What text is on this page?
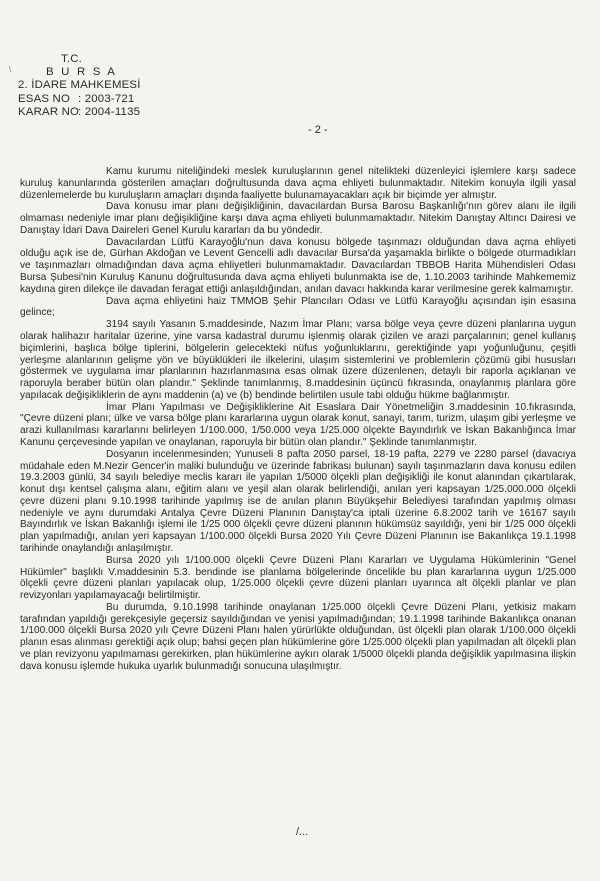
\
T.C.
B U R S A
2. İDARE MAHKEMESİ
ESAS NO : 2003-721
KARAR NO: 2004-1135
- 2 -

Kamu kurumu niteliğindeki meslek kuruluşlarının genel nitelikteki düzenleyici işlemlere karşı sadece kuruluş kanunlarında gösterilen amaçları doğrultusunda dava açma ehliyeti bulunmaktadır. Nitekim konuyla ilgili yasal düzenlemelerde bu kuruluşların amaçları dışında faaliyette bulunamayacakları açık bir biçimde yer almıştır.

Dava konusu imar planı değişikliğinin, davacılardan Bursa Barosu Başkanlığı'nın görev alanı ile ilgili olmaması nedeniyle imar planı değişikliğine karşı dava açma ehliyeti bulunmamaktadır. Nitekim Danıştay Altıncı Dairesi ve Danıştay İdari Dava Daireleri Genel Kurulu kararları da bu yöndedir.

Davacılardan Lütfü Karayoğlu'nun dava konusu bölgede taşınmazı olduğundan dava açma ehliyeti olduğu açık ise de, Gürhan Akdoğan ve Levent Gencelli adlı davacılar Bursa'da yaşamakla birlikte o bölgede oturmadıkları ve taşınmazları olmadığından dava açma ehliyetleri bulunmamaktadır. Davacılardan TBBOB Harita Mühendisleri Odası Bursa Şubesi'nin Kuruluş Kanunu doğrultusunda dava açma ehliyeti bulunmakta ise de, 1.10.2003 tarihinde Mahkememiz kaydına giren dilekçe ile davadan feragat ettiği anlaşıldığından, anılan davacı hakkında karar verilmesine gerek kalmamıştır.

Dava açma ehliyetini haiz TMMOB Şehir Plancıları Odası ve Lütfü Karayoğlu açısından işin esasına gelince;

3194 sayılı Yasanın 5.maddesinde, Nazım İmar Planı; varsa bölge veya çevre düzeni planlarına uygun olarak halihazır haritalar üzerine, yine varsa kadastral durumu işlenmiş olarak çizilen ve arazi parçalarının; genel kullanış biçimlerini, başlıca bölge tiplerini, bölgelerin gelecekteki nüfus yoğunluklarını, gerektiğinde yapı yoğunluğunu, çeşitli yerleşme alanlarının gelişme yön ve büyüklükleri ile ilkelerini, ulaşım sistemlerini ve problemlerin çözümü gibi hususları göstermek ve uygulama imar planlarının hazırlanmasına esas olmak üzere düzenlenen, detaylı bir raporla açıklanan ve raporuyla beraber bütün olan plandır." Şeklinde tanımlanmış, 8.maddesinin üçüncü fıkrasında, onaylanmış planlara göre yapılacak değişikliklerin de aynı maddenin (a) ve (b) bendinde belirtilen usule tabi olduğu hükme bağlanmıştır.

İmar Planı Yapılması ve Değişikliklerine Ait Esaslara Dair Yönetmeliğin 3.maddesinin 10.fıkrasında, "Çevre düzeni planı; ülke ve varsa bölge planı kararlarına uygun olarak konut, sanayi, tarım, turizm, ulaşım gibi yerleşme ve arazi kullanılması kararlarını belirleyen 1/100.000, 1/50.000 veya 1/25.000 ölçekte Bayındırlık ve İskan Bakanlığınca İmar Kanunu çerçevesinde yapılan ve onaylanan, raporuyla bir bütün olan plandır." Şeklinde tanımlanmıştır.

Dosyanın incelenmesinden; Yunuseli 8 pafta 2050 parsel, 18-19 pafta, 2279 ve 2280 parsel (davacıya müdahale eden M.Nezir Gencer'in maliki bulunduğu ve üzerinde fabrikası bulunan) sayılı taşınmazların dava konusu edilen 19.3.2003 günlü, 34 sayılı belediye meclis kararı ile yapılan 1/5000 ölçekli plan değişikliği ile konut alanından çıkartılarak, konut dışı kentsel çalışma alanı, eğitim alanı ve yeşil alan olarak belirlendiği, anılan yeri kapsayan 1/25.000.000 ölçekli çevre düzeni planı 9.10.1998 tarihinde yapılmış ise de anılan planın Büyükşehir Belediyesi tarafından yapılmış olması nedeniyle ve aynı durumdaki Antalya Çevre Düzeni Planının Danıştay'ca iptali üzerine 6.8.2002 tarih ve 16167 sayılı Bayındırlık ve İskan Bakanlığı işlemi ile 1/25 000 ölçekli çevre düzeni planının hükümsüz sayıldığı, yeni bir 1/25 000 ölçekli plan yapılmadığı, anılan yeri kapsayan 1/100.000 ölçekli Bursa 2020 Yılı Çevre Düzeni Planının ise Bakanlıkça 19.1.1998 tarihinde onaylandığı anlaşılmıştır.

Bursa 2020 yılı 1/100.000 ölçekli Çevre Düzeni Planı Kararları ve Uygulama Hükümlerinin "Genel Hükümler" başlıklı V.maddesinin 5.3. bendinde ise planlama bölgelerinde öncelikle bu plan kararlarına uygun 1/25.000 ölçekli çevre düzeni planları yapılacak olup, 1/25.000 ölçekli çevre düzeni planları uyarınca alt ölçekli planlar ve plan revizyonları yapılamayacağı belirtilmiştir.

Bu durumda, 9.10.1998 tarihinde onaylanan 1/25.000 ölçekli Çevre Düzeni Planı, yetkisiz makam tarafından yapıldığı gerekçesiyle geçersiz sayıldığından ve yenisi yapılmadığından; 19.1.1998 tarihinde Bakanlıkça onanan 1/100.000 ölçekli Bursa 2020 yılı Çevre Düzeni Planı halen yürürlükte olduğundan, üst ölçekli plan olarak 1/100.000 ölçekli planın esas alınması gerektiği açık olup; bahsi geçen plan hükümlerine göre 1/25.000 ölçekli plan yapılmadan alt ölçekli plan ve plan revizyonu yapılmaması gerekirken, plan hükümlerine aykırı olarak 1/5000 ölçekli planda değişiklik yapılmasına ilişkin dava konusu işlemde hukuka uyarlık bulunmadığı sonucuna ulaşılmıştır.

/...
